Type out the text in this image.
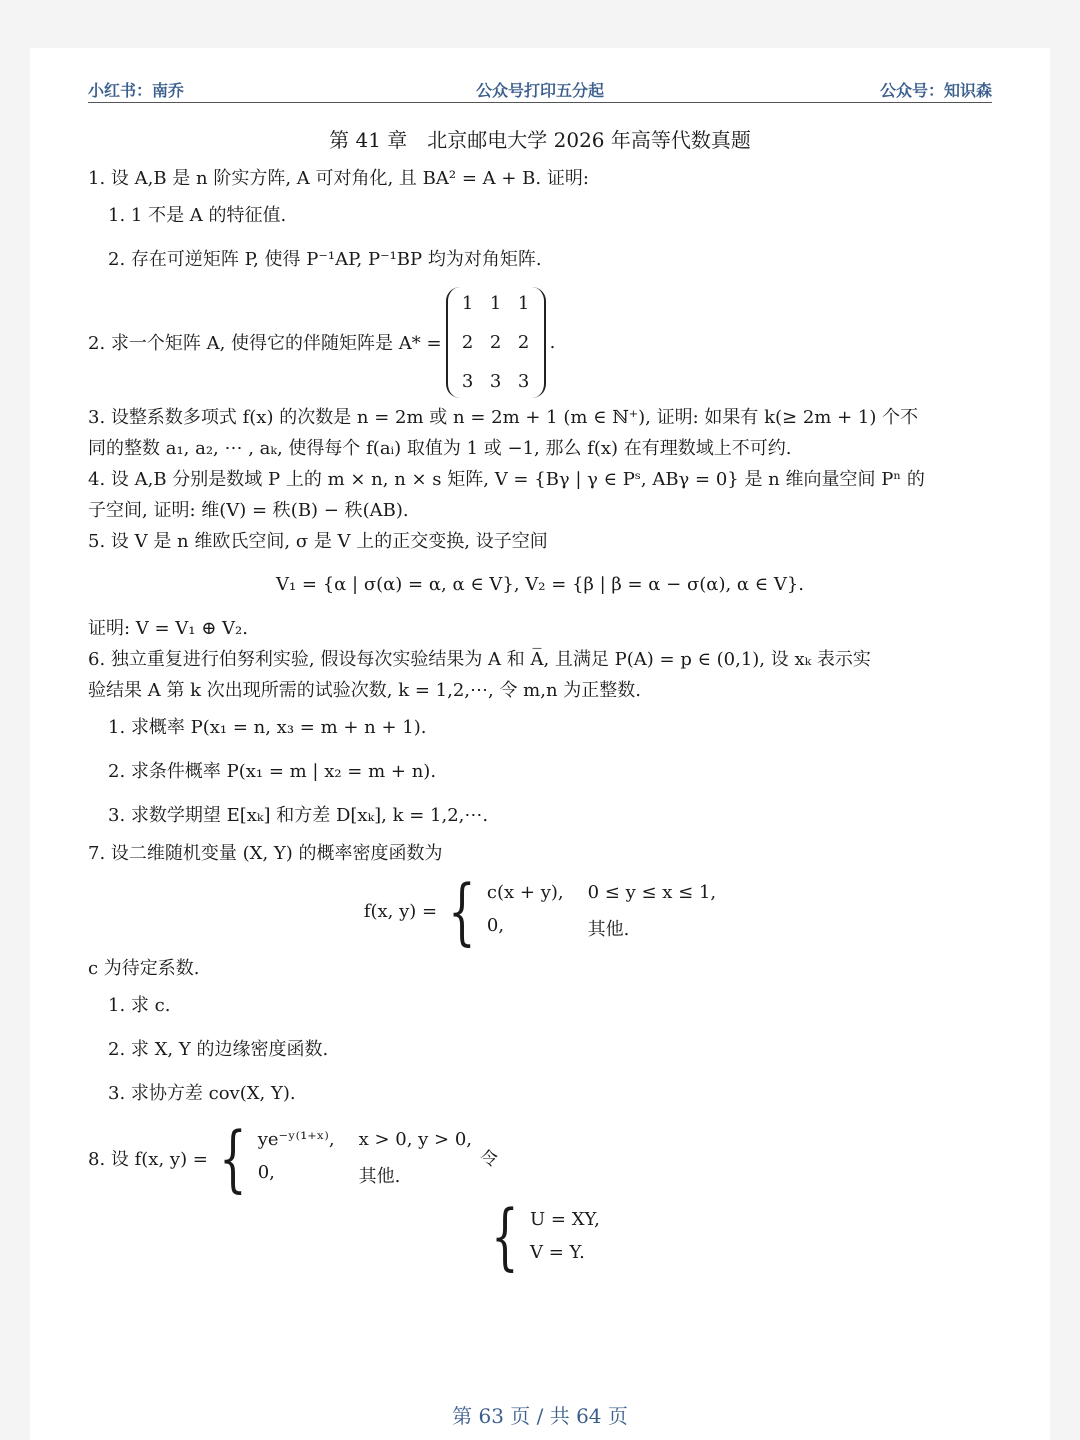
小红书：南乔	公众号打印五分起	公众号：知识森
第 41 章　北京邮电大学 2026 年高等代数真题

1. 设 A,B 是 n 阶实方阵, A 可对角化, 且 BA² = A + B. 证明:

1. 1 不是 A 的特征值.

2. 存在可逆矩阵 P, 使得 P⁻¹AP, P⁻¹BP 均为对角矩阵.

2. 求一个矩阵 A, 使得它的伴随矩阵是 A* =
1 1 1
2 2 2
3 3 3
.

3. 设整系数多项式 f(x) 的次数是 n = 2m 或 n = 2m + 1 (m ∈ ℕ⁺), 证明: 如果有 k(≥ 2m + 1) 个不

同的整数 a₁, a₂, ⋯ , aₖ, 使得每个 f(aᵢ) 取值为 1 或 −1, 那么 f(x) 在有理数域上不可约.

4. 设 A,B 分别是数域 P 上的 m × n, n × s 矩阵, V = {Bγ | γ ∈ Pˢ, ABγ = 0} 是 n 维向量空间 Pⁿ 的

子空间, 证明: 维(V) = 秩(B) − 秩(AB).

5. 设 V 是 n 维欧氏空间, σ 是 V 上的正交变换, 设子空间

V₁ = {α | σ(α) = α, α ∈ V}, V₂ = {β | β = α − σ(α), α ∈ V}.

证明: V = V₁ ⊕ V₂.

6. 独立重复进行伯努利实验, 假设每次实验结果为 A 和 A̅, 且满足 P(A) = p ∈ (0,1), 设 xₖ 表示实

验结果 A 第 k 次出现所需的试验次数, k = 1,2,⋯, 令 m,n 为正整数.

1. 求概率 P(x₁ = n, x₃ = m + n + 1).

2. 求条件概率 P(x₁ = m | x₂ = m + n).

3. 求数学期望 E[xₖ] 和方差 D[xₖ], k = 1,2,⋯.

7. 设二维随机变量 (X, Y) 的概率密度函数为

f(x, y) = { c(x + y), 0 ≤ y ≤ x ≤ 1,
0,	其他.

c 为待定系数.

1. 求 c.

2. 求 X, Y 的边缘密度函数.

3. 求协方差 cov(X, Y).

8. 设 f(x, y) = { ye⁻ʸ⁽¹⁺ˣ⁾, x > 0, y > 0,
0,	其他.
令
{ U = XY,
V = Y.
第 63 页 / 共 64 页
